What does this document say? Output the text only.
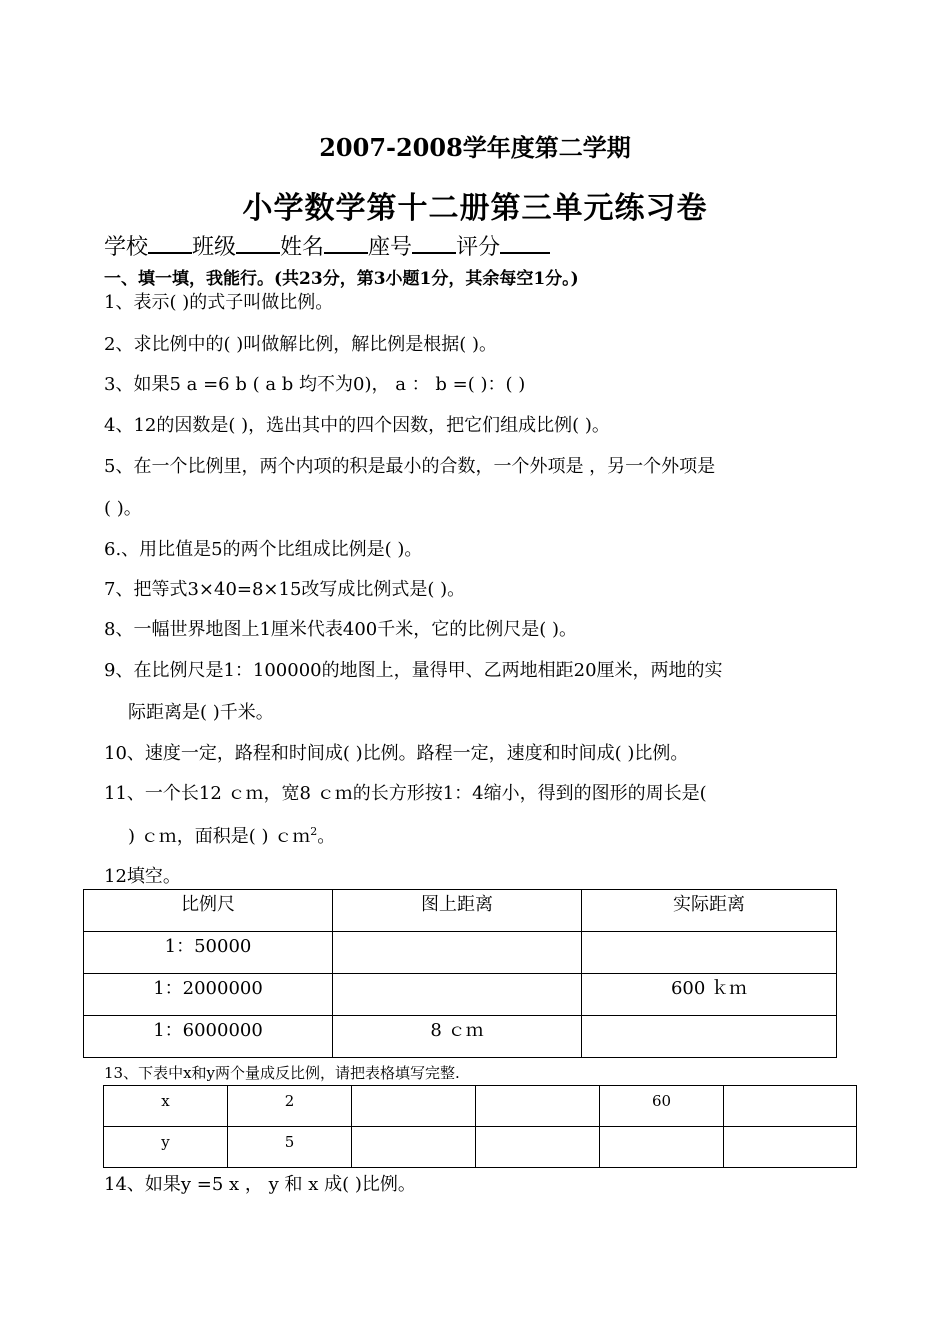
2007-2008学年度第二学期
小学数学第十二册第三单元练习卷
学校 班级 姓名 座号 评分
一、填一填，我能行。(共23分，第3小题1分，其余每空1分。)
1、表示( )的式子叫做比例。
2、求比例中的( )叫做解比例，解比例是根据( )。
3、如果5 a =6 b ( a b 均不为0)， a ： b =( )：( )
4、12的因数是( )，选出其中的四个因数，把它们组成比例( )。
5、在一个比例里，两个内项的积是最小的合数，一个外项是 ，另一个外项是
( )。
6.、用比值是5的两个比组成比例是( )。
7、把等式3×40=8×15改写成比例式是( )。
8、一幅世界地图上1厘米代表400千米，它的比例尺是( )。
9、在比例尺是1：100000的地图上，量得甲、乙两地相距20厘米，两地的实
际距离是( )千米。
10、速度一定，路程和时间成( )比例。路程一定，速度和时间成( )比例。
11、一个长12 ｃｍ，宽8 ｃｍ的长方形按1：4缩小，得到的图形的周长是(
) ｃｍ，面积是( ) ｃｍ$^2$。
12填空。
比例尺	图上距离	实际距离
1：50000		
1：2000000		600 ｋｍ
1：6000000	8 ｃｍ	
13、下表中x和y两个量成反比例，请把表格填写完整.
x	2			60	
y	5				
14、如果y =5 x ， y 和 x 成( )比例。
